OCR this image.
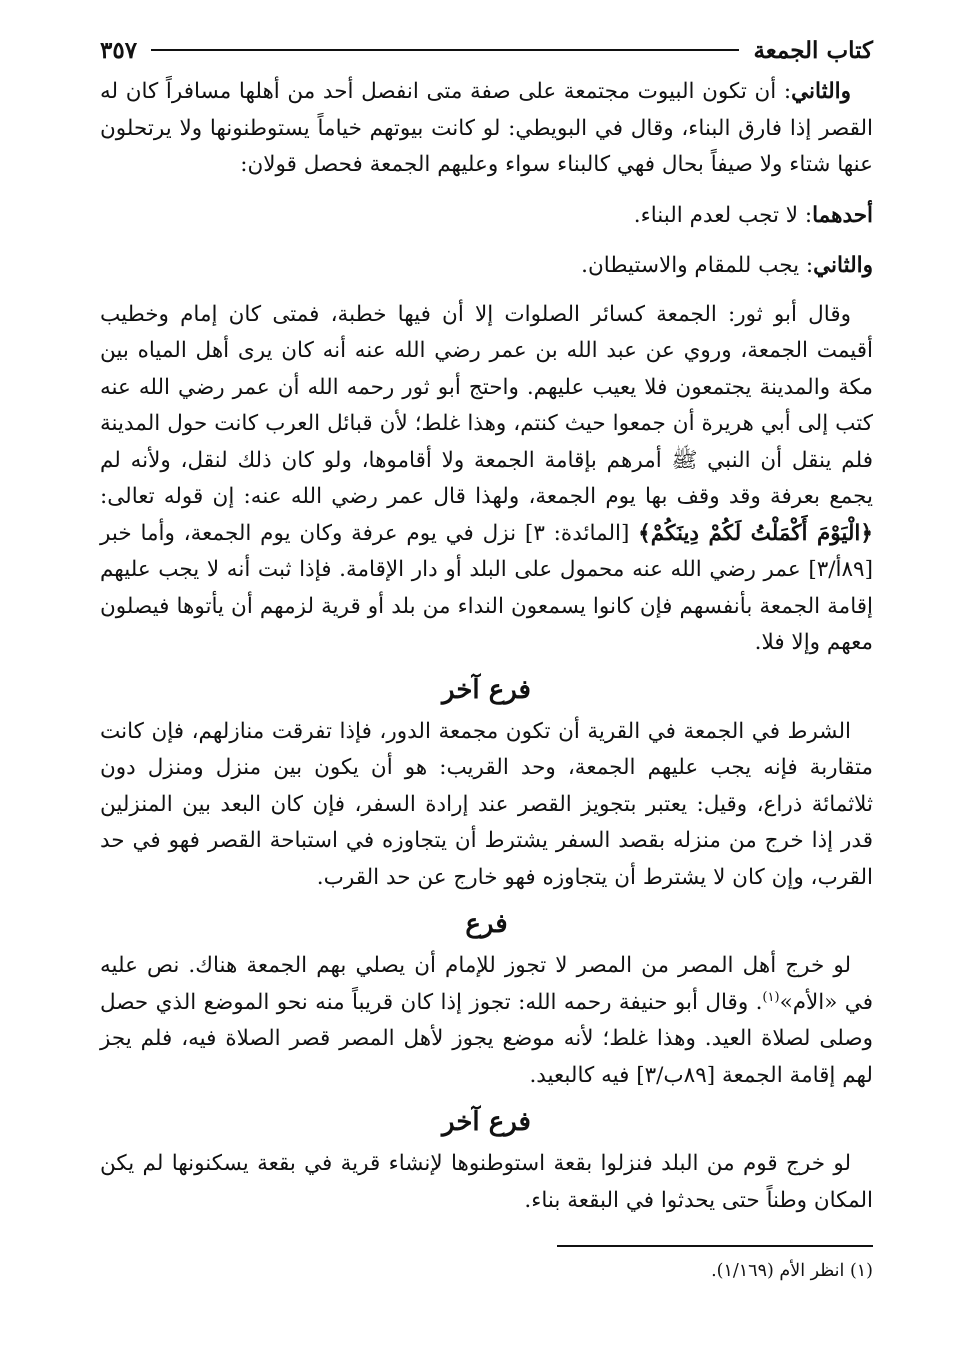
كتاب الجمعة
٣٥٧

والثاني: أن تكون البيوت مجتمعة على صفة متى انفصل أحد من أهلها مسافراً كان له القصر إذا فارق البناء، وقال في البويطي: لو كانت بيوتهم خياماً يستوطنونها ولا يرتحلون عنها شتاء ولا صيفاً بحال فهي كالبناء سواء وعليهم الجمعة فحصل قولان:

أحدهما: لا تجب لعدم البناء.

والثاني: يجب للمقام والاستيطان.

وقال أبو ثور: الجمعة كسائر الصلوات إلا أن فيها خطبة، فمتى كان إمام وخطيب أقيمت الجمعة، وروي عن عبد الله بن عمر رضي الله عنه أنه كان يرى أهل المياه بين مكة والمدينة يجتمعون فلا يعيب عليهم. واحتج أبو ثور رحمه الله أن عمر رضي الله عنه كتب إلى أبي هريرة أن جمعوا حيث كنتم، وهذا غلط؛ لأن قبائل العرب كانت حول المدينة فلم ينقل أن النبي ﷺ أمرهم بإقامة الجمعة ولا أقاموها، ولو كان ذلك لنقل، ولأنه لم يجمع بعرفة وقد وقف بها يوم الجمعة، ولهذا قال عمر رضي الله عنه: إن قوله تعالى: ﴿الْيَوْمَ أَكْمَلْتُ لَكُمْ دِينَكُمْ﴾ [المائدة: ٣] نزل في يوم عرفة وكان يوم الجمعة، وأما خبر [٨٩أ/٣] عمر رضي الله عنه محمول على البلد أو دار الإقامة. فإذا ثبت أنه لا يجب عليهم إقامة الجمعة بأنفسهم فإن كانوا يسمعون النداء من بلد أو قرية لزمهم أن يأتوها فيصلون معهم وإلا فلا.

فرع آخر

الشرط في الجمعة في القرية أن تكون مجمعة الدور، فإذا تفرقت منازلهم، فإن كانت متقاربة فإنه يجب عليهم الجمعة، وحد القريب: هو أن يكون بين منزل ومنزل دون ثلاثمائة ذراع، وقيل: يعتبر بتجويز القصر عند إرادة السفر، فإن كان البعد بين المنزلين قدر إذا خرج من منزله بقصد السفر يشترط أن يتجاوزه في استباحة القصر فهو في حد القرب، وإن كان لا يشترط أن يتجاوزه فهو خارج عن حد القرب.

فرع

لو خرج أهل المصر من المصر لا تجوز للإمام أن يصلي بهم الجمعة هناك. نص عليه في «الأم»$^{(١)}$. وقال أبو حنيفة رحمه الله: تجوز إذا كان قريباً منه نحو الموضع الذي حصل وصلى لصلاة العيد. وهذا غلط؛ لأنه موضع يجوز لأهل المصر قصر الصلاة فيه، فلم يجز لهم إقامة الجمعة [٨٩ب/٣] فيه كالبعيد.

فرع آخر

لو خرج قوم من البلد فنزلوا بقعة استوطنوها لإنشاء قرية في بقعة يسكنونها لم يكن المكان وطناً حتى يحدثوا في البقعة بناء.

(١) انظر الأم (١/١٦٩).
